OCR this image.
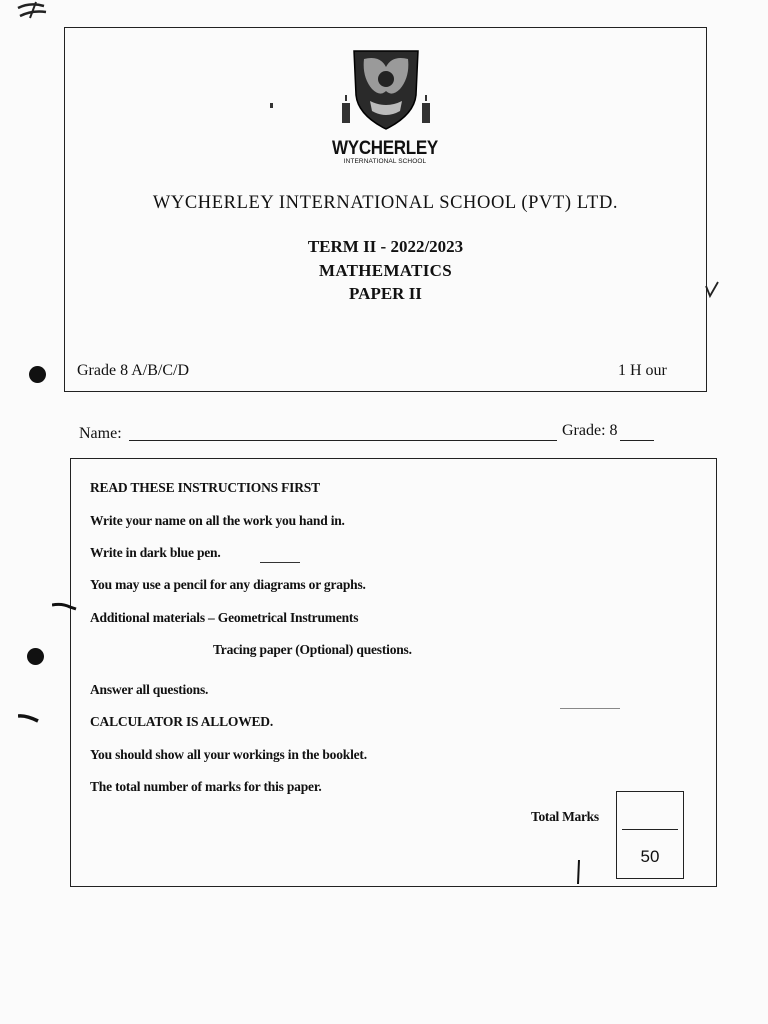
WYCHERLEY
INTERNATIONAL SCHOOL
WYCHERLEY INTERNATIONAL SCHOOL (PVT) LTD.
TERM II - 2022/2023
MATHEMATICS
PAPER II
Grade 8 A/B/C/D	1 H our
Name:	Grade: 8
READ THESE INSTRUCTIONS FIRST
Write your name on all the work you hand in.
Write in dark blue pen.
You may use a pencil for any diagrams or graphs.
Additional materials – Geometrical Instruments
Tracing paper (Optional) questions.
Answer all questions.
CALCULATOR IS ALLOWED.
You should show all your workings in the booklet.
The total number of marks for this paper.
Total Marks
50
